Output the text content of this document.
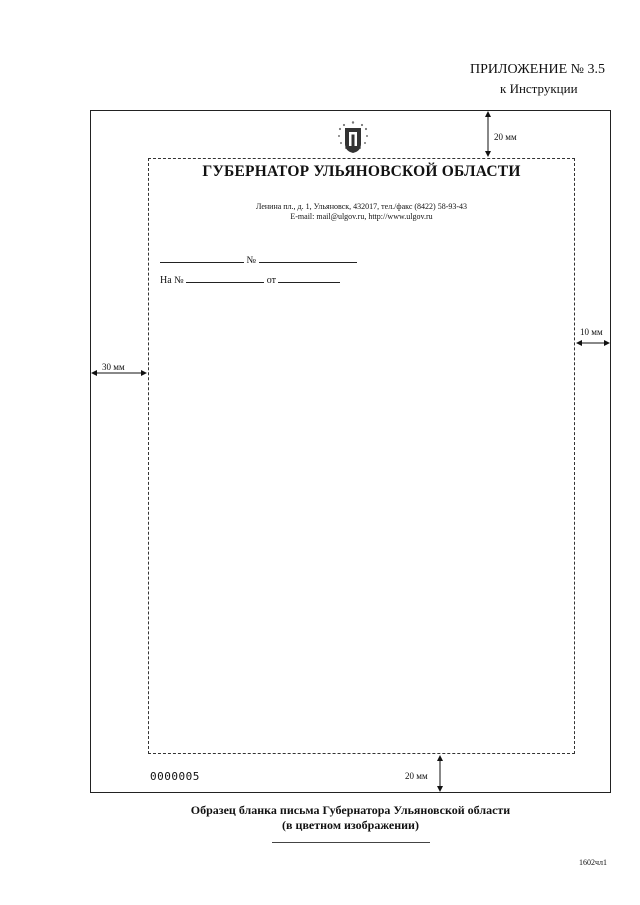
ПРИЛОЖЕНИЕ № 3.5
к Инструкции
ГУБЕРНАТОР УЛЬЯНОВСКОЙ ОБЛАСТИ
Ленина пл., д. 1, Ульяновск, 432017, тел./факс (8422) 58-93-43
E-mail: mail@ulgov.ru, http://www.ulgov.ru
№
На №	от
0000005
20 мм
10 мм
30 мм
20 мм
Образец бланка письма Губернатора Ульяновской области
(в цветном изображении)
1602чл1
